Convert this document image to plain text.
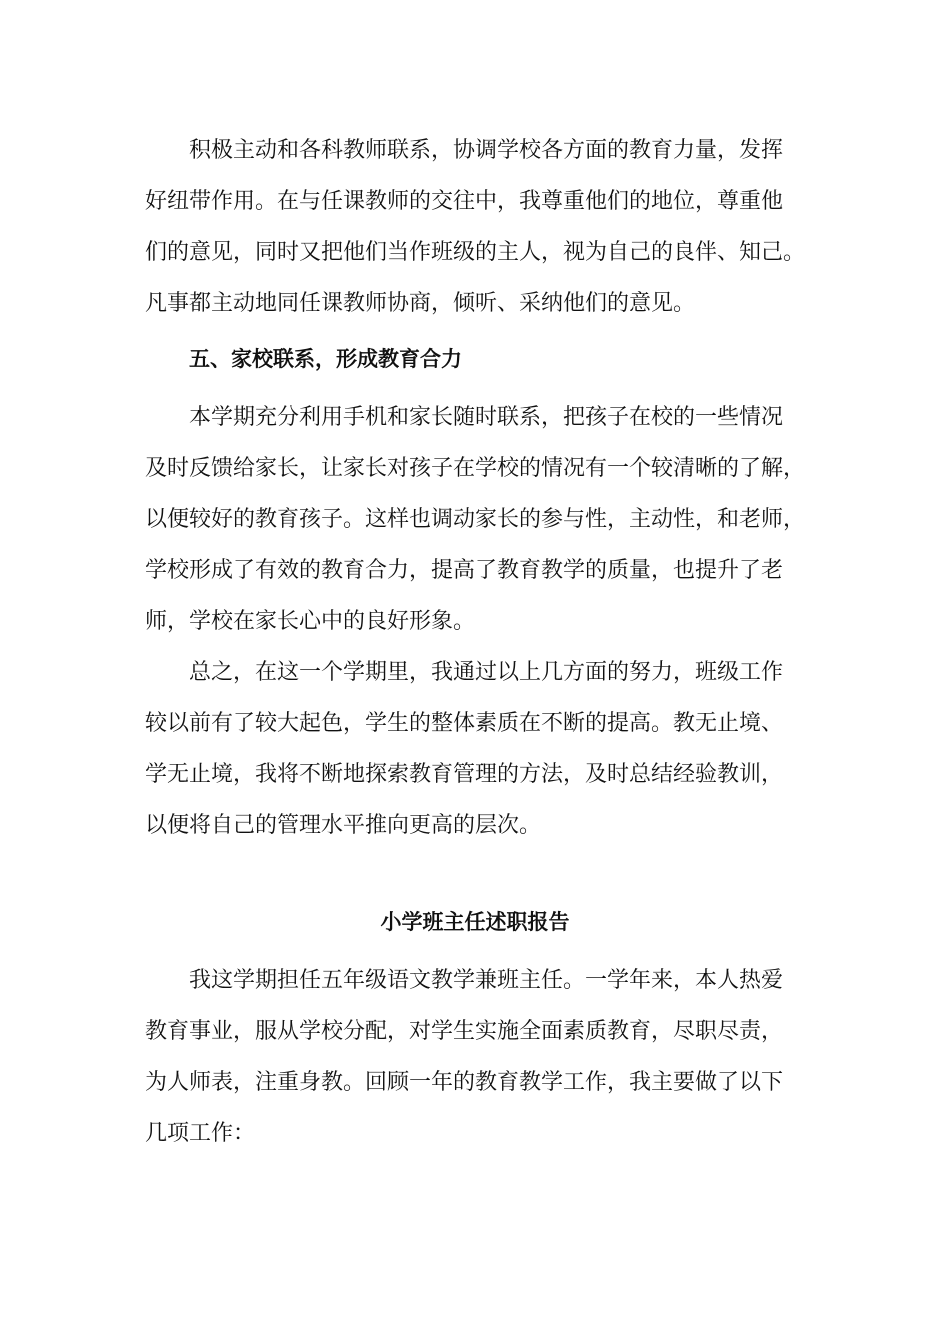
积极主动和各科教师联系，协调学校各方面的教育力量，发挥
好纽带作用。在与任课教师的交往中，我尊重他们的地位，尊重他
们的意见，同时又把他们当作班级的主人，视为自己的良伴、知己。
凡事都主动地同任课教师协商，倾听、采纳他们的意见。

五、家校联系，形成教育合力

本学期充分利用手机和家长随时联系，把孩子在校的一些情况
及时反馈给家长，让家长对孩子在学校的情况有一个较清晰的了解，
以便较好的教育孩子。这样也调动家长的参与性，主动性，和老师，
学校形成了有效的教育合力，提高了教育教学的质量，也提升了老
师，学校在家长心中的良好形象。

总之，在这一个学期里，我通过以上几方面的努力，班级工作
较以前有了较大起色，学生的整体素质在不断的提高。教无止境、
学无止境，我将不断地探索教育管理的方法，及时总结经验教训，
以便将自己的管理水平推向更高的层次。

小学班主任述职报告

我这学期担任五年级语文教学兼班主任。一学年来，本人热爱
教育事业，服从学校分配，对学生实施全面素质教育，尽职尽责，
为人师表，注重身教。回顾一年的教育教学工作，我主要做了以下
几项工作：
